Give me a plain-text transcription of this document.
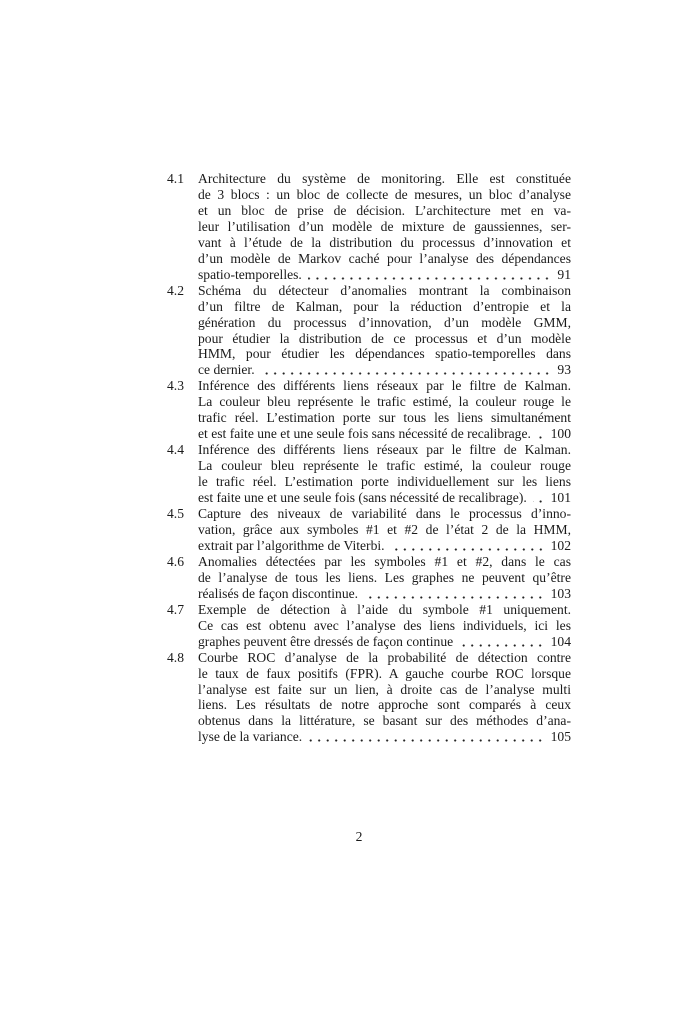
4.1	Architecture du système de monitoring. Elle est constituée
de 3 blocs : un bloc de collecte de mesures, un bloc d’analyse
et un bloc de prise de décision. L’architecture met en va-
leur l’utilisation d’un modèle de mixture de gaussiennes, ser-
vant à l’étude de la distribution du processus d’innovation et
d’un modèle de Markov caché pour l’analyse des dépendances
spatio-temporelles.	91
4.2	Schéma du détecteur d’anomalies montrant la combinaison
d’un filtre de Kalman, pour la réduction d’entropie et la
génération du processus d’innovation, d’un modèle GMM,
pour étudier la distribution de ce processus et d’un modèle
HMM, pour étudier les dépendances spatio-temporelles dans
ce dernier.	93
4.3	Inférence des différents liens réseaux par le filtre de Kalman.
La couleur bleu représente le trafic estimé, la couleur rouge le
trafic réel. L’estimation porte sur tous les liens simultanément
et est faite une et une seule fois sans nécessité de recalibrage. 100
4.4	Inférence des différents liens réseaux par le filtre de Kalman.
La couleur bleu représente le trafic estimé, la couleur rouge
le trafic réel. L’estimation porte individuellement sur les liens
est faite une et une seule fois (sans nécessité de recalibrage). 101
4.5	Capture des niveaux de variabilité dans le processus d’inno-
vation, grâce aux symboles #1 et #2 de l’état 2 de la HMM,
extrait par l’algorithme de Viterbi.	102
4.6	Anomalies détectées par les symboles #1 et #2, dans le cas
de l’analyse de tous les liens. Les graphes ne peuvent qu’être
réalisés de façon discontinue.	103
4.7	Exemple de détection à l’aide du symbole #1 uniquement.
Ce cas est obtenu avec l’analyse des liens individuels, ici les
graphes peuvent être dressés de façon continue	104
4.8	Courbe ROC d’analyse de la probabilité de détection contre
le taux de faux positifs (FPR). A gauche courbe ROC lorsque
l’analyse est faite sur un lien, à droite cas de l’analyse multi
liens. Les résultats de notre approche sont comparés à ceux
obtenus dans la littérature, se basant sur des méthodes d’ana-
lyse de la variance.	105
2
